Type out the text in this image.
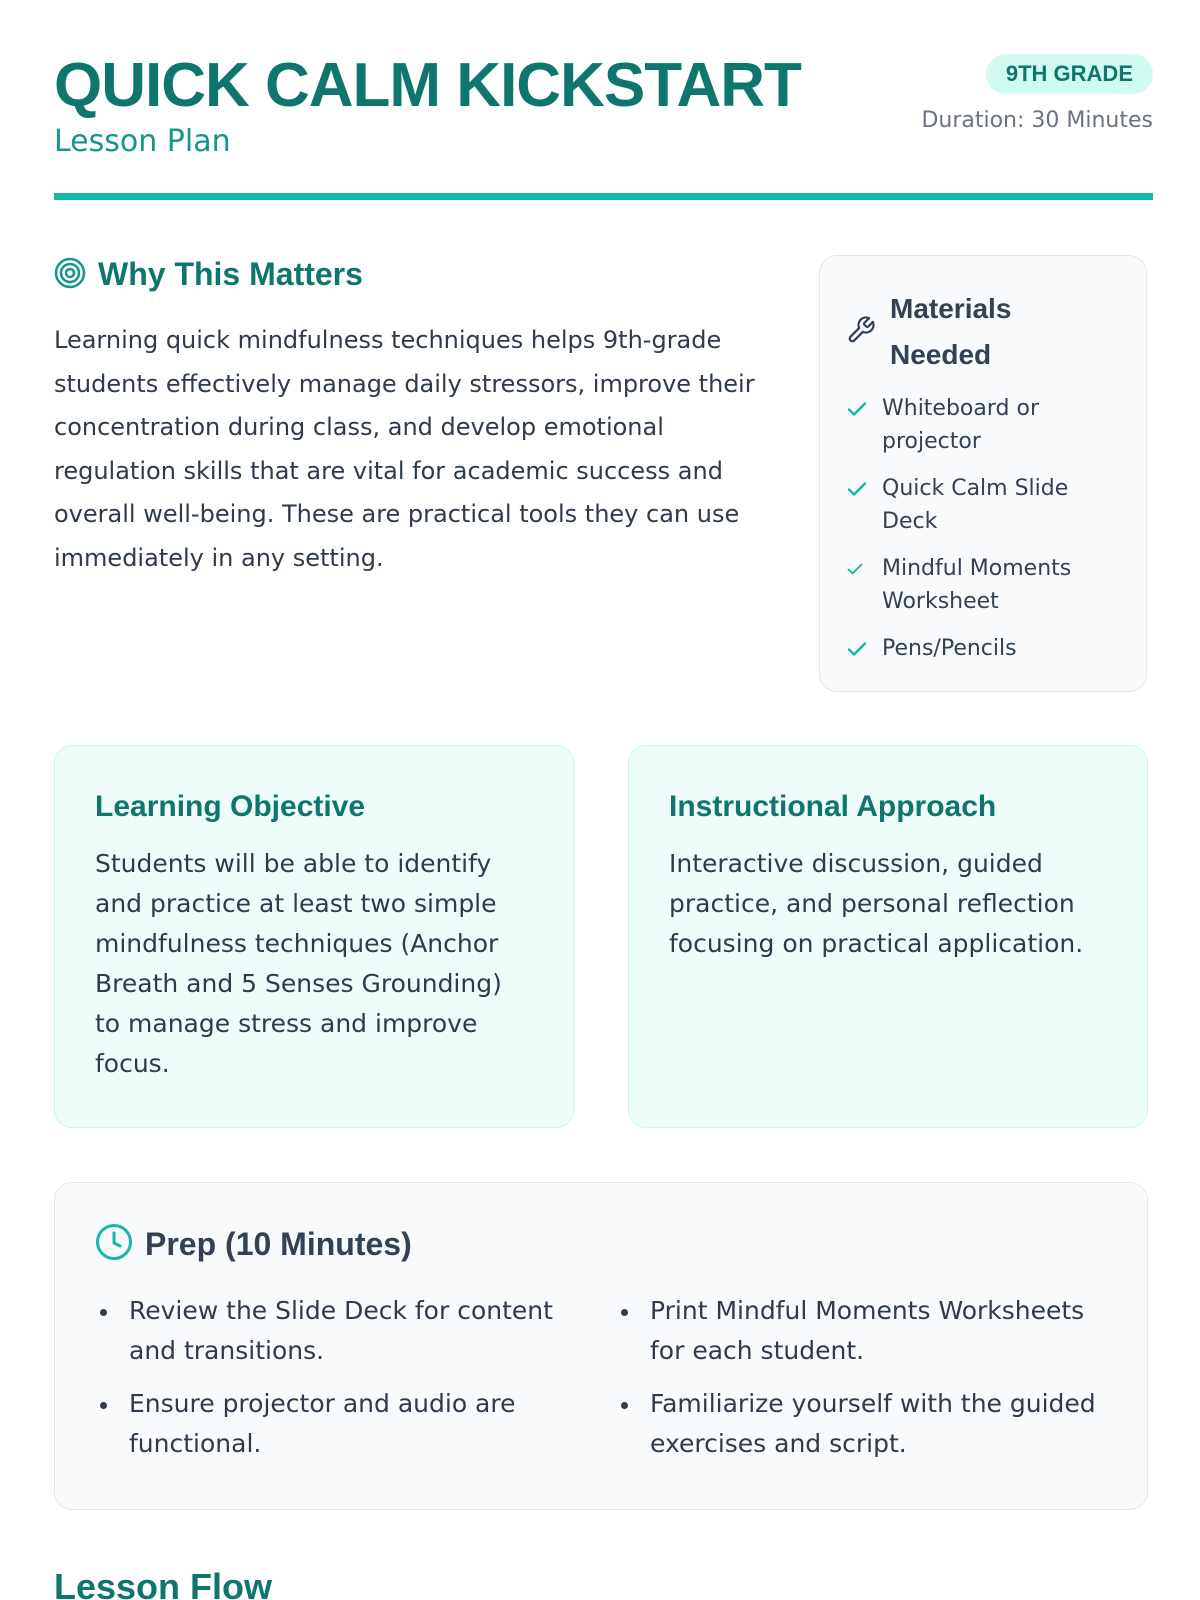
QUICK CALM KICKSTART
Lesson Plan
9TH GRADE
Duration: 30 Minutes
Why This Matters

Learning quick mindfulness techniques helps 9th-grade students effectively manage daily stressors, improve their concentration during class, and develop emotional regulation skills that are vital for academic success and overall well-being. These are practical tools they can use immediately in any setting.

Materials Needed
Whiteboard or projector
Quick Calm Slide Deck
Mindful Moments Worksheet
Pens/Pencils
Learning Objective

Students will be able to identify and practice at least two simple mindfulness techniques (Anchor Breath and 5 Senses Grounding) to manage stress and improve focus.

Instructional Approach

Interactive discussion, guided practice, and personal reflection focusing on practical application.

Prep (10 Minutes)
Review the Slide Deck for content and transitions.
Ensure projector and audio are functional.
Print Mindful Moments Worksheets for each student.
Familiarize yourself with the guided exercises and script.
Lesson Flow
